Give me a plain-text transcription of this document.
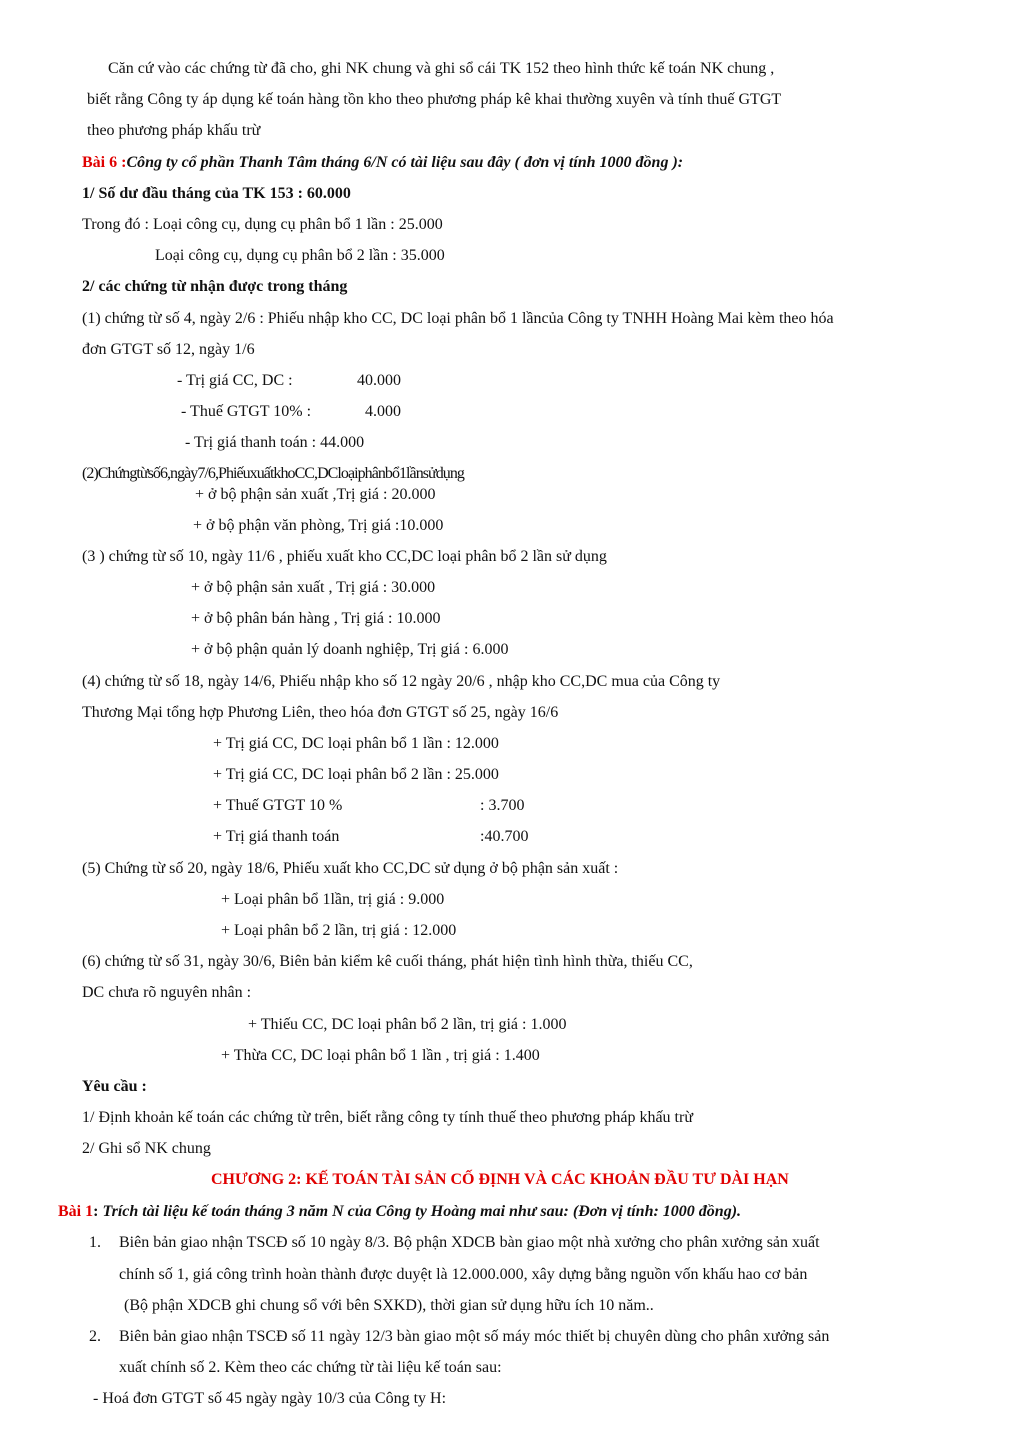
Căn cứ vào các chứng từ đã cho, ghi NK chung và ghi sổ cái TK 152 theo hình thức kế toán NK chung ,
biết rằng Công ty áp dụng kế toán hàng tồn kho theo phương pháp kê khai thường xuyên và tính thuế GTGT
theo phương pháp khấu trừ
Bài 6 :Công ty cổ phần Thanh Tâm tháng 6/N có tài liệu sau đây ( đơn vị tính 1000 đồng ):
1/ Số dư đầu tháng của TK 153 : 60.000
Trong đó : Loại công cụ, dụng cụ phân bổ 1 lần : 25.000
Loại công cụ, dụng cụ phân bổ 2 lần : 35.000
2/ các chứng từ nhận được trong tháng
(1) chứng từ số 4, ngày 2/6 : Phiếu nhập kho CC, DC loại phân bổ 1 lầncủa Công ty TNHH Hoàng Mai kèm theo hóa
đơn GTGT số 12, ngày 1/6
- Trị giá CC, DC :	40.000
- Thuế GTGT 10% :	4.000
- Trị giá thanh toán : 44.000
(2)Chứngtừsố6,ngày7/6,PhiếuxuấtkhoCC,DCloạiphânbổ1lầnsửdụng
+ ở bộ phận sản xuất ,Trị giá : 20.000
+ ở bộ phận văn phòng, Trị giá :10.000
(3 ) chứng từ số 10, ngày 11/6 , phiếu xuất kho CC,DC loại phân bổ 2 lần sử dụng
+ ở bộ phận sản xuất , Trị giá : 30.000
+ ở bộ phân bán hàng , Trị giá : 10.000
+ ở bộ phận quản lý doanh nghiệp, Trị giá : 6.000
(4) chứng từ số 18, ngày 14/6, Phiếu nhập kho số 12 ngày 20/6 , nhập kho CC,DC mua của Công ty
Thương Mại tổng hợp Phương Liên, theo hóa đơn GTGT số 25, ngày 16/6
+ Trị giá CC, DC loại phân bổ 1 lần : 12.000
+ Trị giá CC, DC loại phân bổ 2 lần : 25.000
+ Thuế GTGT 10 %	: 3.700
+ Trị giá thanh toán	:40.700
(5) Chứng từ số 20, ngày 18/6, Phiếu xuất kho CC,DC sử dụng ở bộ phận sản xuất :
+ Loại phân bổ 1lần, trị giá : 9.000
+ Loại phân bổ 2 lần, trị giá : 12.000
(6) chứng từ số 31, ngày 30/6, Biên bản kiểm kê cuối tháng, phát hiện tình hình thừa, thiếu CC,
DC chưa rõ nguyên nhân :
+ Thiếu CC, DC loại phân bổ 2 lần, trị giá : 1.000
+ Thừa CC, DC loại phân bổ 1 lần , trị giá : 1.400
Yêu cầu :
1/ Định khoản kế toán các chứng từ trên, biết rằng công ty tính thuế theo phương pháp khấu trừ
2/ Ghi sổ NK chung
CHƯƠNG 2: KẾ TOÁN TÀI SẢN CỐ ĐỊNH VÀ CÁC KHOẢN ĐẦU TƯ DÀI HẠN
Bài 1: Trích tài liệu kế toán tháng 3 năm N của Công ty Hoàng mai như sau: (Đơn vị tính: 1000 đồng).
1. Biên bản giao nhận TSCĐ số 10 ngày 8/3. Bộ phận XDCB bàn giao một nhà xưởng cho phân xưởng sản xuất
chính số 1, giá công trình hoàn thành được duyệt là 12.000.000, xây dựng bằng nguồn vốn khấu hao cơ bản
(Bộ phận XDCB ghi chung sổ với bên SXKD), thời gian sử dụng hữu ích 10 năm..
2. Biên bản giao nhận TSCĐ số 11 ngày 12/3 bàn giao một số máy móc thiết bị chuyên dùng cho phân xưởng sản
xuất chính số 2. Kèm theo các chứng từ tài liệu kế toán sau:
- Hoá đơn GTGT số 45 ngày ngày 10/3 của Công ty H:
